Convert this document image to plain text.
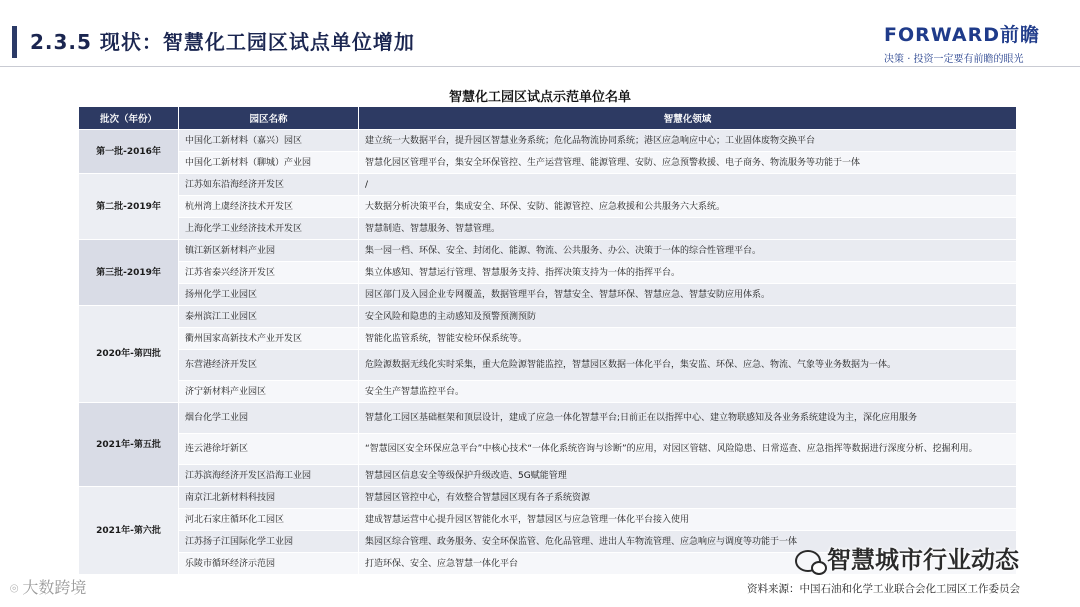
2.3.5 现状：智慧化工园区试点单位增加	FORWARD前瞻
决策 · 投资一定要有前瞻的眼光
智慧化工园区试点示范单位名单
批次（年份）	园区名称	智慧化领域
第一批-2016年	中国化工新材料（嘉兴）园区	建立统一大数据平台，提升园区智慧业务系统；危化品物流协同系统；港区应急响应中心；工业固体废物交换平台
	中国化工新材料（聊城）产业园	智慧化园区管理平台，集安全环保管控、生产运营管理、能源管理、安防、应急预警救援、电子商务、物流服务等功能于一体
第二批-2019年	江苏如东沿海经济开发区	/
	杭州湾上虞经济技术开发区	大数据分析决策平台，集成安全、环保、安防、能源管控、应急救援和公共服务六大系统。
	上海化学工业经济技术开发区	智慧制造、智慧服务、智慧管理。
第三批-2019年	镇江新区新材料产业园	集一园一档、环保、安全、封闭化、能源、物流、公共服务、办公、决策于一体的综合性管理平台。
	江苏省泰兴经济开发区	集立体感知、智慧运行管理、智慧服务支持、指挥决策支持为一体的指挥平台。
	扬州化学工业园区	园区部门及入园企业专网覆盖，数据管理平台，智慧安全、智慧环保、智慧应急、智慧安防应用体系。
2020年-第四批	泰州滨江工业园区	安全风险和隐患的主动感知及预警预测预防
	衢州国家高新技术产业开发区	智能化监管系统，智能安检环保系统等。
	东营港经济开发区	危险源数据无线化实时采集，重大危险源智能监控，智慧园区数据一体化平台，集安监、环保、应急、物流、气象等业务数据为一体。
	济宁新材料产业园区	安全生产智慧监控平台。
2021年-第五批	烟台化学工业园	智慧化工园区基础框架和顶层设计，建成了应急一体化智慧平台;日前正在以指挥中心、建立物联感知及各业务系统建设为主，深化应用服务
	连云港徐圩新区	“智慧园区安全环保应急平台”中核心技术“一体化系统咨询与诊断”的应用，对园区管辖、风险隐患、日常巡查、应急指挥等数据进行深度分析、挖掘利用。
	江苏滨海经济开发区沿海工业园	智慧园区信息安全等级保护升级改造、5G赋能管理
2021年-第六批	南京江北新材料科技园	智慧园区管控中心，有效整合智慧园区现有各子系统资源
	河北石家庄循环化工园区	建成智慧运营中心提升园区智能化水平，智慧园区与应急管理一体化平台接入使用
	江苏扬子江国际化学工业园	集园区综合管理、政务服务、安全环保监管、危化品管理、进出人车物流管理、应急响应与调度等功能于一体
	乐陵市循环经济示范园	打造环保、安全、应急智慧一体化平台
⌾ 大数跨境
智慧城市行业动态
资料来源：中国石油和化学工业联合会化工园区工作委员会
